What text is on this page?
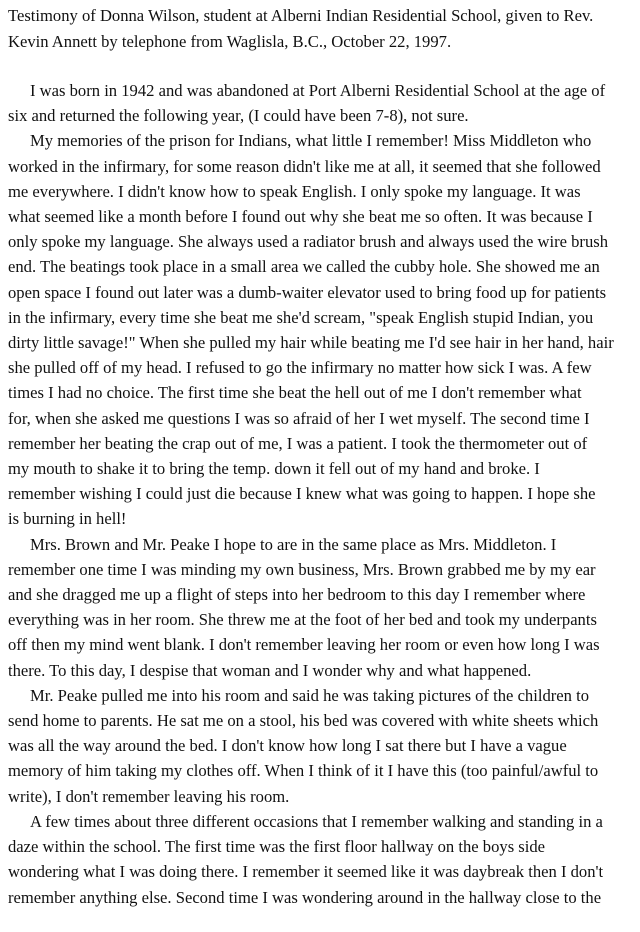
Testimony of Donna Wilson, student at Alberni Indian Residential School, given to Rev.
Kevin Annett by telephone from Waglisla, B.C., October 22, 1997.
I was born in 1942 and was abandoned at Port Alberni Residential School at the age of
six and returned the following year, (I could have been 7-8), not sure.
My memories of the prison for Indians, what little I remember! Miss Middleton who
worked in the infirmary, for some reason didn't like me at all, it seemed that she followed
me everywhere. I didn't know how to speak English. I only spoke my language. It was
what seemed like a month before I found out why she beat me so often. It was because I
only spoke my language. She always used a radiator brush and always used the wire brush
end. The beatings took place in a small area we called the cubby hole. She showed me an
open space I found out later was a dumb-waiter elevator used to bring food up for patients
in the infirmary, every time she beat me she'd scream, "speak English stupid Indian, you
dirty little savage!" When she pulled my hair while beating me I'd see hair in her hand, hair
she pulled off of my head. I refused to go the infirmary no matter how sick I was. A few
times I had no choice. The first time she beat the hell out of me I don't remember what
for, when she asked me questions I was so afraid of her I wet myself. The second time I
remember her beating the crap out of me, I was a patient. I took the thermometer out of
my mouth to shake it to bring the temp. down it fell out of my hand and broke. I
remember wishing I could just die because I knew what was going to happen. I hope she
is burning in hell!
Mrs. Brown and Mr. Peake I hope to are in the same place as Mrs. Middleton. I
remember one time I was minding my own business, Mrs. Brown grabbed me by my ear
and she dragged me up a flight of steps into her bedroom to this day I remember where
everything was in her room. She threw me at the foot of her bed and took my underpants
off then my mind went blank. I don't remember leaving her room or even how long I was
there. To this day, I despise that woman and I wonder why and what happened.
Mr. Peake pulled me into his room and said he was taking pictures of the children to
send home to parents. He sat me on a stool, his bed was covered with white sheets which
was all the way around the bed. I don't know how long I sat there but I have a vague
memory of him taking my clothes off. When I think of it I have this (too painful/awful to
write), I don't remember leaving his room.
A few times about three different occasions that I remember walking and standing in a
daze within the school. The first time was the first floor hallway on the boys side
wondering what I was doing there. I remember it seemed like it was daybreak then I don't
remember anything else. Second time I was wondering around in the hallway close to the
